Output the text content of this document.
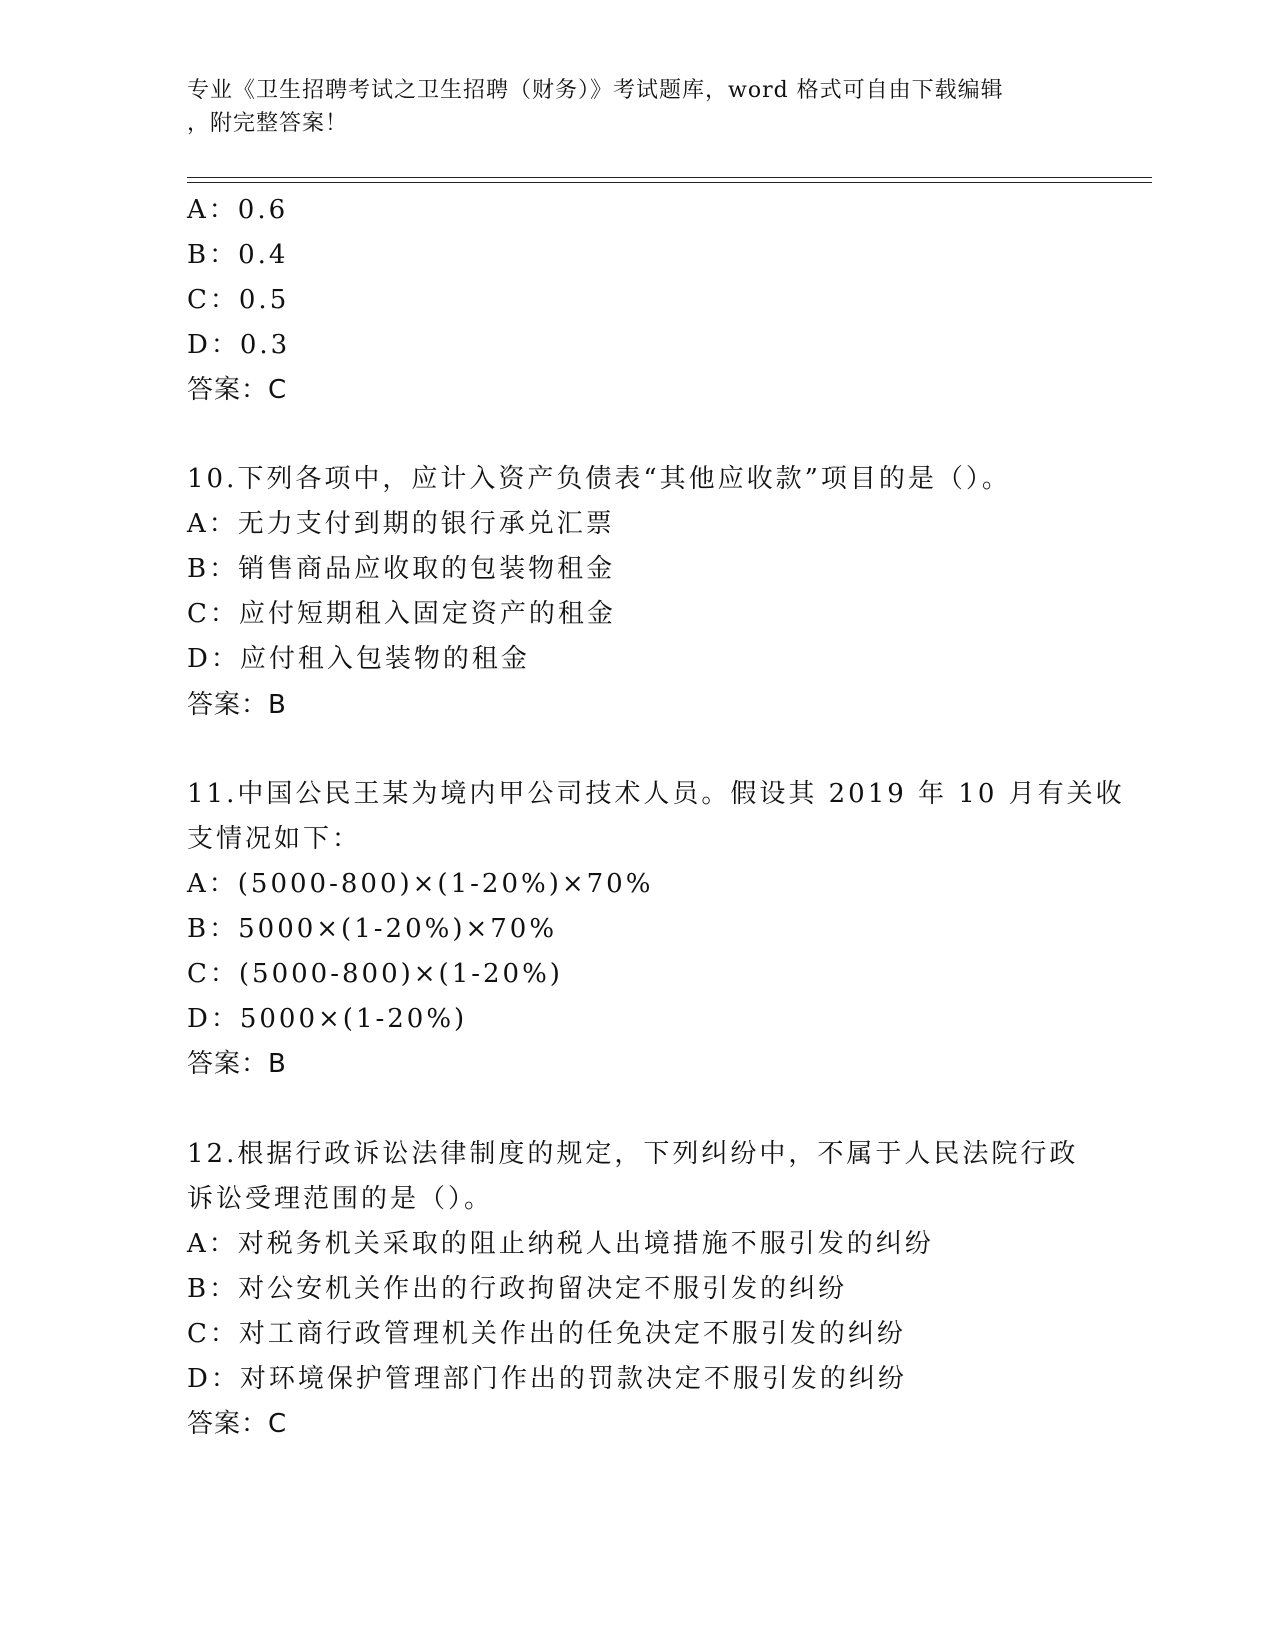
专业《卫生招聘考试之卫生招聘（财务）》考试题库，word 格式可自由下载编辑
，附完整答案！
A：0.6
B：0.4
C：0.5
D：0.3
答案：C
10.下列各项中，应计入资产负债表“其他应收款”项目的是（）。
A：无力支付到期的银行承兑汇票
B：销售商品应收取的包装物租金
C：应付短期租入固定资产的租金
D：应付租入包装物的租金
答案：B
11.中国公民王某为境内甲公司技术人员。假设其 2019 年 10 月有关收
支情况如下：
A：(5000-800)×(1-20%)×70%
B：5000×(1-20%)×70%
C：(5000-800)×(1-20%)
D：5000×(1-20%)
答案：B
12.根据行政诉讼法律制度的规定，下列纠纷中，不属于人民法院行政
诉讼受理范围的是（）。
A：对税务机关采取的阻止纳税人出境措施不服引发的纠纷
B：对公安机关作出的行政拘留决定不服引发的纠纷
C：对工商行政管理机关作出的任免决定不服引发的纠纷
D：对环境保护管理部门作出的罚款决定不服引发的纠纷
答案：C
